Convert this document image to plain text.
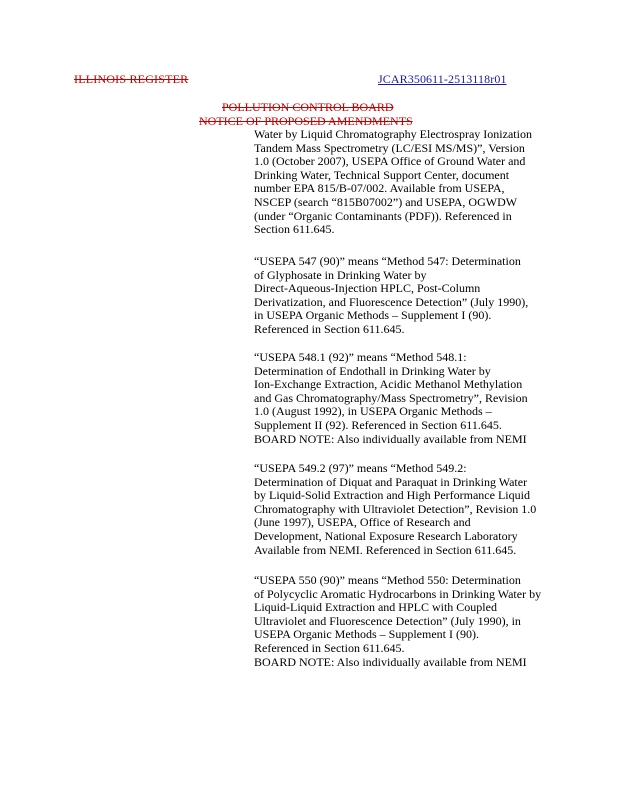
ILLINOIS REGISTER	JCAR350611-2513118r01
POLLUTION CONTROL BOARD
NOTICE OF PROPOSED AMENDMENTS
Water by Liquid Chromatography Electrospray Ionization
Tandem Mass Spectrometry (LC/ESI MS/MS)”, Version
1.0 (October 2007), USEPA Office of Ground Water and
Drinking Water, Technical Support Center, document
number EPA 815/B-07/002. Available from USEPA,
NSCEP (search “815B07002”) and USEPA, OGWDW
(under “Organic Contaminants (PDF)). Referenced in
Section 611.645.
“USEPA 547 (90)” means “Method 547: Determination
of Glyphosate in Drinking Water by
Direct-Aqueous-Injection HPLC, Post-Column
Derivatization, and Fluorescence Detection” (July 1990),
in USEPA Organic Methods – Supplement I (90).
Referenced in Section 611.645.
“USEPA 548.1 (92)” means “Method 548.1:
Determination of Endothall in Drinking Water by
Ion-Exchange Extraction, Acidic Methanol Methylation
and Gas Chromatography/Mass Spectrometry”, Revision
1.0 (August 1992), in USEPA Organic Methods –
Supplement II (92). Referenced in Section 611.645.
BOARD NOTE: Also individually available from NEMI
“USEPA 549.2 (97)” means “Method 549.2:
Determination of Diquat and Paraquat in Drinking Water
by Liquid-Solid Extraction and High Performance Liquid
Chromatography with Ultraviolet Detection”, Revision 1.0
(June 1997), USEPA, Office of Research and
Development, National Exposure Research Laboratory
Available from NEMI. Referenced in Section 611.645.
“USEPA 550 (90)” means “Method 550: Determination
of Polycyclic Aromatic Hydrocarbons in Drinking Water by
Liquid-Liquid Extraction and HPLC with Coupled
Ultraviolet and Fluorescence Detection” (July 1990), in
USEPA Organic Methods – Supplement I (90).
Referenced in Section 611.645.
BOARD NOTE: Also individually available from NEMI
